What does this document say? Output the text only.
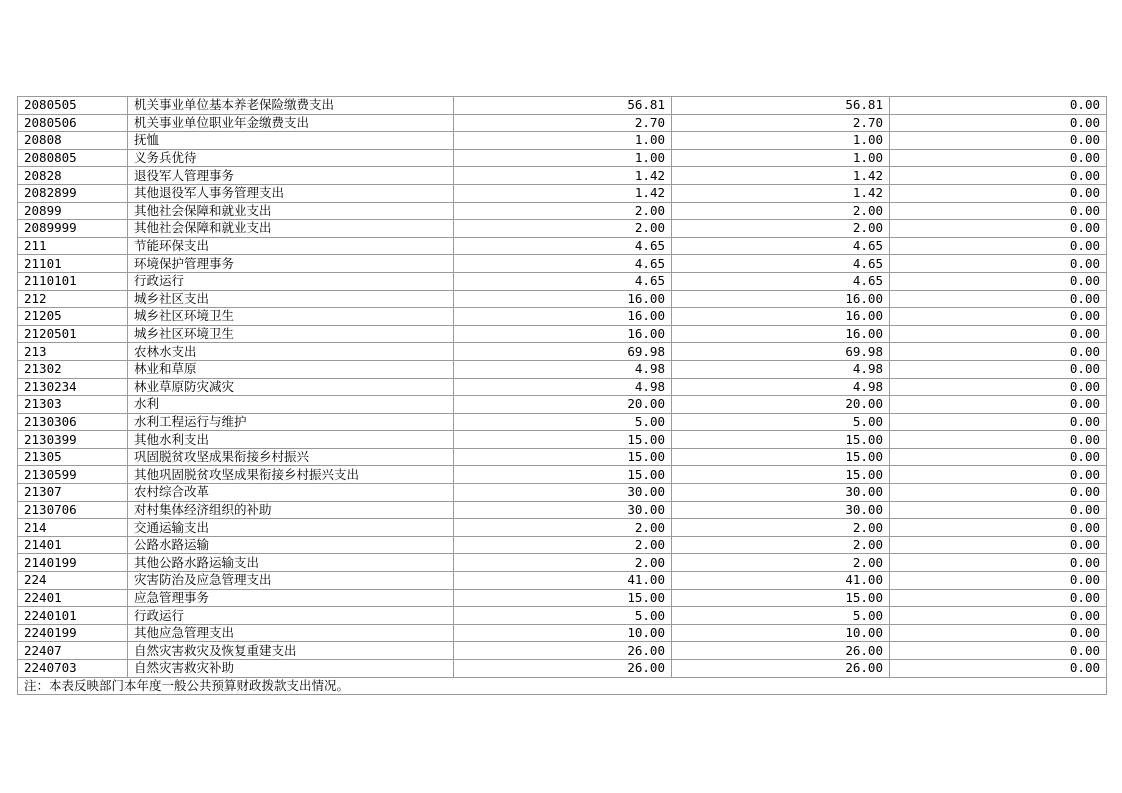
2080505	机关事业单位基本养老保险缴费支出	56.81	56.81	0.00
2080506	机关事业单位职业年金缴费支出	2.70	2.70	0.00
20808	抚恤	1.00	1.00	0.00
2080805	义务兵优待	1.00	1.00	0.00
20828	退役军人管理事务	1.42	1.42	0.00
2082899	其他退役军人事务管理支出	1.42	1.42	0.00
20899	其他社会保障和就业支出	2.00	2.00	0.00
2089999	其他社会保障和就业支出	2.00	2.00	0.00
211	节能环保支出	4.65	4.65	0.00
21101	环境保护管理事务	4.65	4.65	0.00
2110101	行政运行	4.65	4.65	0.00
212	城乡社区支出	16.00	16.00	0.00
21205	城乡社区环境卫生	16.00	16.00	0.00
2120501	城乡社区环境卫生	16.00	16.00	0.00
213	农林水支出	69.98	69.98	0.00
21302	林业和草原	4.98	4.98	0.00
2130234	林业草原防灾减灾	4.98	4.98	0.00
21303	水利	20.00	20.00	0.00
2130306	水利工程运行与维护	5.00	5.00	0.00
2130399	其他水利支出	15.00	15.00	0.00
21305	巩固脱贫攻坚成果衔接乡村振兴	15.00	15.00	0.00
2130599	其他巩固脱贫攻坚成果衔接乡村振兴支出	15.00	15.00	0.00
21307	农村综合改革	30.00	30.00	0.00
2130706	对村集体经济组织的补助	30.00	30.00	0.00
214	交通运输支出	2.00	2.00	0.00
21401	公路水路运输	2.00	2.00	0.00
2140199	其他公路水路运输支出	2.00	2.00	0.00
224	灾害防治及应急管理支出	41.00	41.00	0.00
22401	应急管理事务	15.00	15.00	0.00
2240101	行政运行	5.00	5.00	0.00
2240199	其他应急管理支出	10.00	10.00	0.00
22407	自然灾害救灾及恢复重建支出	26.00	26.00	0.00
2240703	自然灾害救灾补助	26.00	26.00	0.00
注：本表反映部门本年度一般公共预算财政拨款支出情况。				
